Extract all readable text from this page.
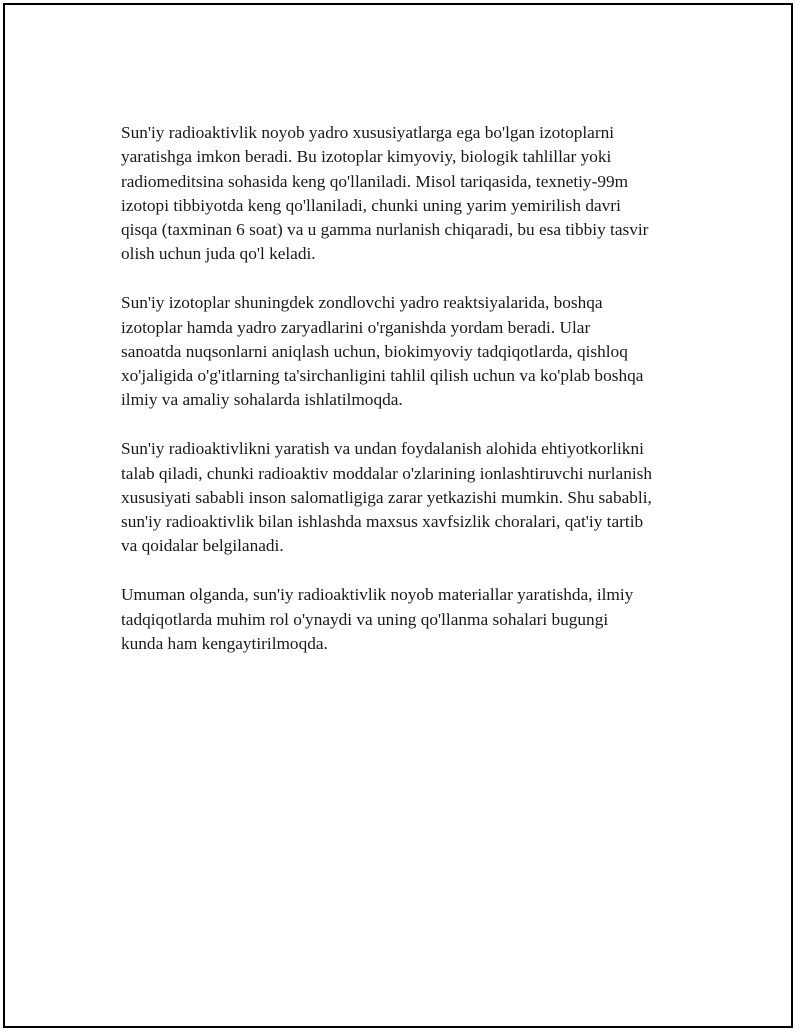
Sun'iy radioaktivlik noyob yadro xususiyatlarga ega bo'lgan izotoplarni
yaratishga imkon beradi. Bu izotoplar kimyoviy, biologik tahlillar yoki
radiomeditsina sohasida keng qo'llaniladi. Misol tariqasida, texnetiy-99m
izotopi tibbiyotda keng qo'llaniladi, chunki uning yarim yemirilish davri
qisqa (taxminan 6 soat) va u gamma nurlanish chiqaradi, bu esa tibbiy tasvir
olish uchun juda qo'l keladi.

Sun'iy izotoplar shuningdek zondlovchi yadro reaktsiyalarida, boshqa
izotoplar hamda yadro zaryadlarini o'rganishda yordam beradi. Ular
sanoatda nuqsonlarni aniqlash uchun, biokimyoviy tadqiqotlarda, qishloq
xo'jaligida o'g'itlarning ta'sirchanligini tahlil qilish uchun va ko'plab boshqa
ilmiy va amaliy sohalarda ishlatilmoqda.

Sun'iy radioaktivlikni yaratish va undan foydalanish alohida ehtiyotkorlikni
talab qiladi, chunki radioaktiv moddalar o'zlarining ionlashtiruvchi nurlanish
xususiyati sababli inson salomatligiga zarar yetkazishi mumkin. Shu sababli,
sun'iy radioaktivlik bilan ishlashda maxsus xavfsizlik choralari, qat'iy tartib
va qoidalar belgilanadi.

Umuman olganda, sun'iy radioaktivlik noyob materiallar yaratishda, ilmiy
tadqiqotlarda muhim rol o'ynaydi va uning qo'llanma sohalari bugungi
kunda ham kengaytirilmoqda.
